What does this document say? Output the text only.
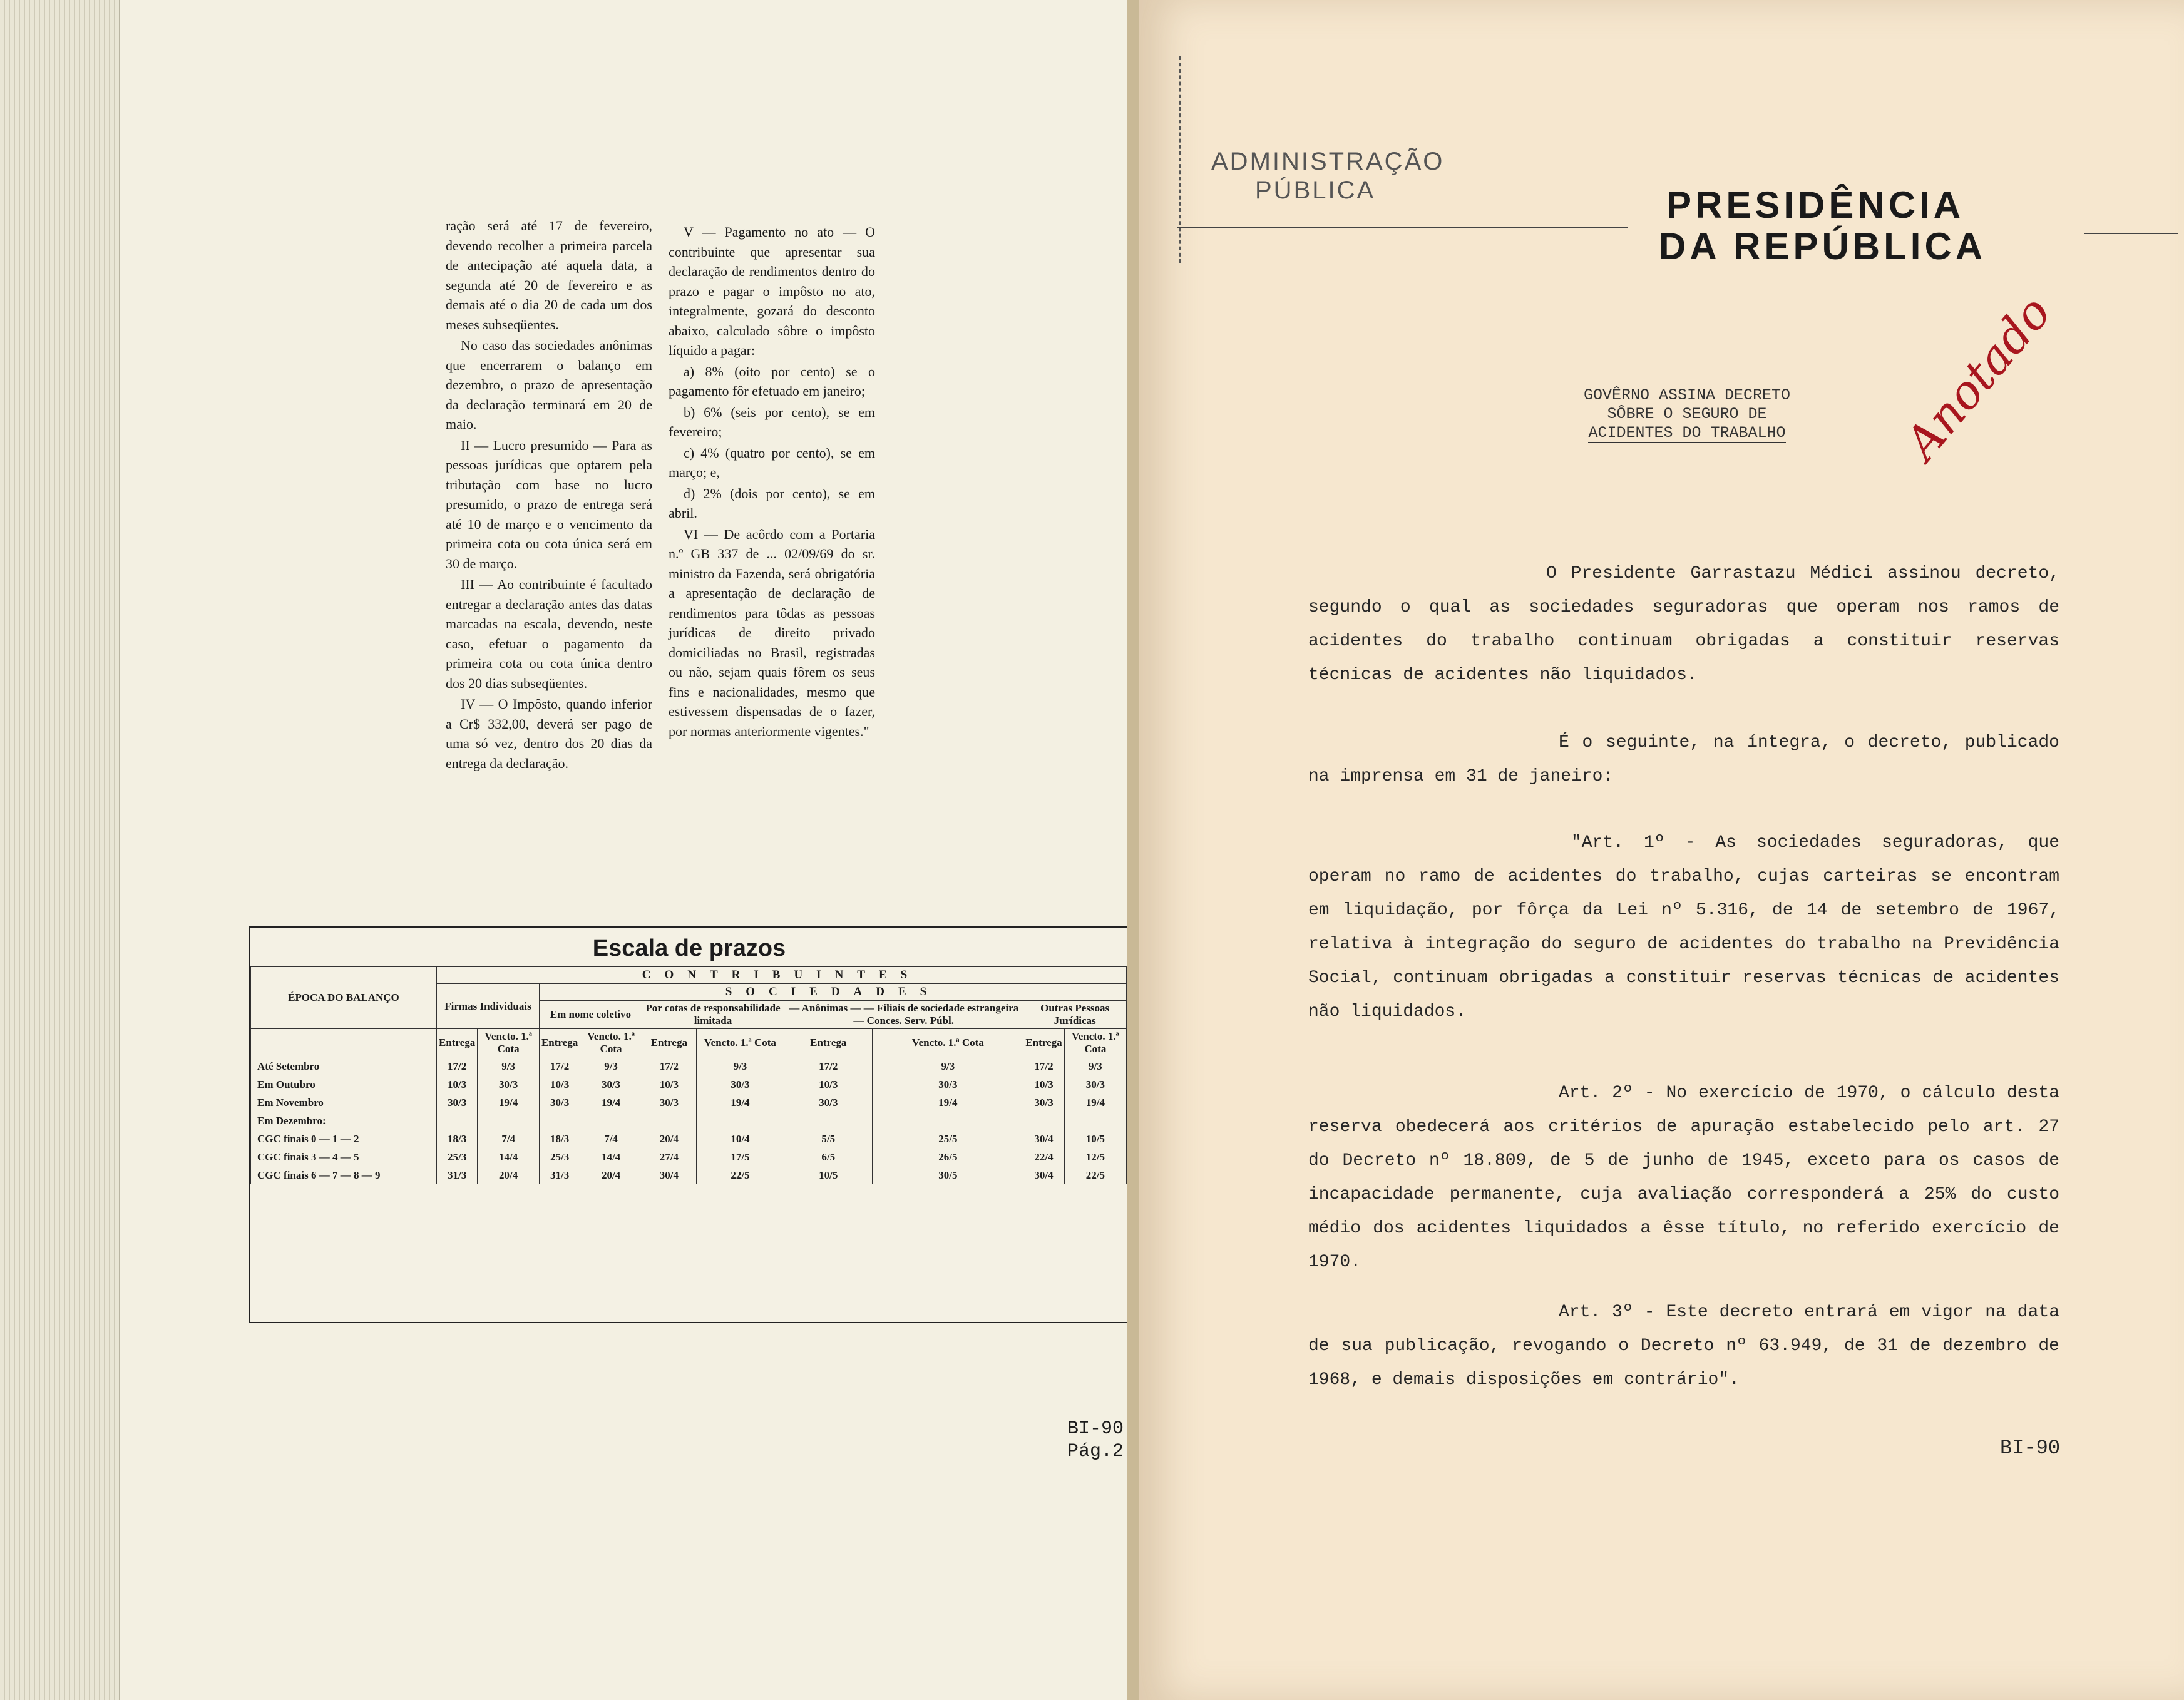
ração será até 17 de fevereiro, devendo recolher a primeira parcela de antecipação até aquela data, a segunda até 20 de fevereiro e as demais até o dia 20 de cada um dos meses subseqüentes.

No caso das sociedades anônimas que encerrarem o balanço em dezembro, o prazo de apresentação da declaração terminará em 20 de maio.

II — Lucro presumido — Para as pessoas jurídicas que optarem pela tributação com base no lucro presumido, o prazo de entrega será até 10 de março e o vencimento da primeira cota ou cota única será em 30 de março.

III — Ao contribuinte é facultado entregar a declaração antes das datas marcadas na escala, devendo, neste caso, efetuar o pagamento da primeira cota ou cota única dentro dos 20 dias subseqüentes.

IV — O Impôsto, quando inferior a Cr$ 332,00, deverá ser pago de uma só vez, dentro dos 20 dias da entrega da declaração.

V — Pagamento no ato — O contribuinte que apresentar sua declaração de rendimentos dentro do prazo e pagar o impôsto no ato, integralmente, gozará do desconto abaixo, calculado sôbre o impôsto líquido a pagar:

a) 8% (oito por cento) se o pagamento fôr efetuado em janeiro;

b) 6% (seis por cento), se em fevereiro;

c) 4% (quatro por cento), se em março; e,

d) 2% (dois por cento), se em abril.

VI — De acôrdo com a Portaria n.º GB 337 de ... 02/09/69 do sr. ministro da Fazenda, será obrigatória a apresentação de declaração de rendimentos para tôdas as pessoas jurídicas de direito privado domiciliadas no Brasil, registradas ou não, sejam quais fôrem os seus fins e nacionalidades, mesmo que estivessem dispensadas de o fazer, por normas anteriormente vigentes."

Escala de prazos
ÉPOCA DO BALANÇO	CONTRIBUINTES									
	Firmas Individuais		SOCIEDADES							
			Em nome coletivo		Por cotas de responsabilidade limitada		— Anônimas — — Filiais de sociedade estrangeira — Conces. Serv. Públ.		Outras Pessoas Jurídicas	
	Entrega	Vencto. 1.ª Cota	Entrega	Vencto. 1.ª Cota	Entrega	Vencto. 1.ª Cota	Entrega	Vencto. 1.ª Cota	Entrega	Vencto. 1.ª Cota
Até Setembro	17/2	9/3	17/2	9/3	17/2	9/3	17/2	9/3	17/2	9/3
Em Outubro	10/3	30/3	10/3	30/3	10/3	30/3	10/3	30/3	10/3	30/3
Em Novembro	30/3	19/4	30/3	19/4	30/3	19/4	30/3	19/4	30/3	19/4
Em Dezembro:										
CGC finais 0 — 1 — 2	18/3	7/4	18/3	7/4	20/4	10/4	5/5	25/5	30/4	10/5
CGC finais 3 — 4 — 5	25/3	14/4	25/3	14/4	27/4	17/5	6/5	26/5	22/4	12/5
CGC finais 6 — 7 — 8 — 9	31/3	20/4	31/3	20/4	30/4	22/5	10/5	30/5	30/4	22/5
BI-90
Pág.2
ADMINISTRAÇÃO
PÚBLICA	PRESIDÊNCIA
DA REPÚBLICA
GOVÊRNO ASSINA DECRETO
SÔBRE O SEGURO DE
ACIDENTES DO TRABALHO	Anotado

O Presidente Garrastazu Médici assinou decreto, segundo o qual as sociedades seguradoras que operam nos ramos de acidentes do trabalho continuam obrigadas a constituir reservas técnicas de acidentes não liquidados.

É o seguinte, na íntegra, o decreto, publicado na imprensa em 31 de janeiro:

"Art. 1º - As sociedades seguradoras, que operam no ramo de acidentes do trabalho, cujas carteiras se encontram em liquidação, por fôrça da Lei nº 5.316, de 14 de setembro de 1967, relativa à integração do seguro de acidentes do trabalho na Previdência Social, continuam obrigadas a constituir reservas técnicas de acidentes não liquidados.

Art. 2º - No exercício de 1970, o cálculo desta reserva obedecerá aos critérios de apuração estabelecido pelo art. 27 do Decreto nº 18.809, de 5 de junho de 1945, exceto para os casos de incapacidade permanente, cuja avaliação corresponderá a 25% do custo médio dos acidentes liquidados a êsse título, no referido exercício de 1970.

Art. 3º - Este decreto entrará em vigor na data de sua publicação, revogando o Decreto nº 63.949, de 31 de dezembro de 1968, e demais disposições em contrário".

BI-90
